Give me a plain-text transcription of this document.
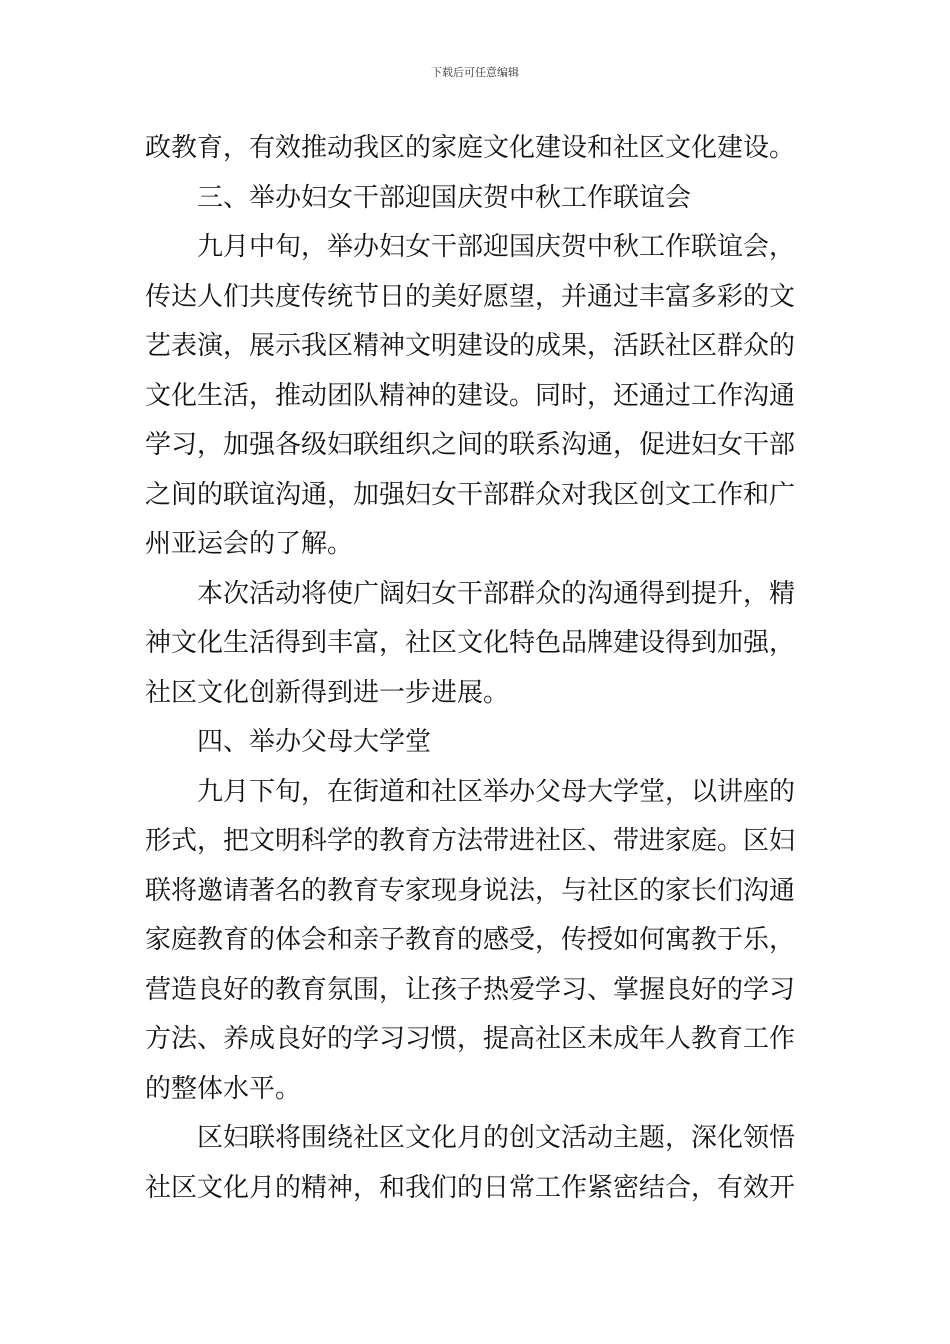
下载后可任意编辑
政教育，有效推动我区的家庭文化建设和社区文化建设。
三、举办妇女干部迎国庆贺中秋工作联谊会
九月中旬，举办妇女干部迎国庆贺中秋工作联谊会，
传达人们共度传统节日的美好愿望，并通过丰富多彩的文
艺表演，展示我区精神文明建设的成果，活跃社区群众的
文化生活，推动团队精神的建设。同时，还通过工作沟通
学习，加强各级妇联组织之间的联系沟通，促进妇女干部
之间的联谊沟通，加强妇女干部群众对我区创文工作和广
州亚运会的了解。
本次活动将使广阔妇女干部群众的沟通得到提升，精
神文化生活得到丰富，社区文化特色品牌建设得到加强，
社区文化创新得到进一步进展。
四、举办父母大学堂
九月下旬，在街道和社区举办父母大学堂，以讲座的
形式，把文明科学的教育方法带进社区、带进家庭。区妇
联将邀请著名的教育专家现身说法，与社区的家长们沟通
家庭教育的体会和亲子教育的感受，传授如何寓教于乐，
营造良好的教育氛围，让孩子热爱学习、掌握良好的学习
方法、养成良好的学习习惯，提高社区未成年人教育工作
的整体水平。
区妇联将围绕社区文化月的创文活动主题，深化领悟
社区文化月的精神，和我们的日常工作紧密结合，有效开
